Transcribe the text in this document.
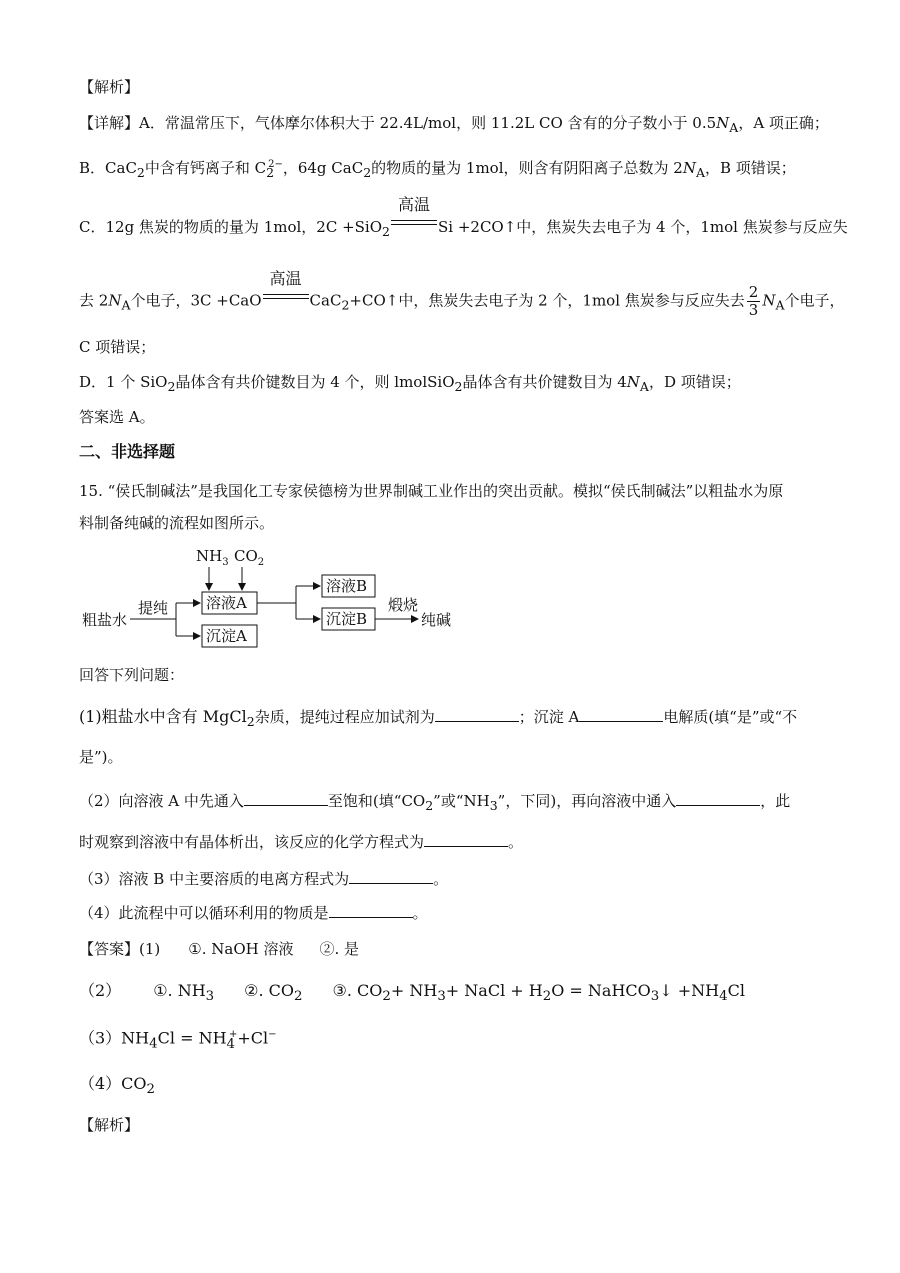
【解析】
【详解】A．常温常压下，气体摩尔体积大于 22.4L/mol，则 11.2L CO 含有的分子数小于 $0.5N_A$，A 项正确；
B．CaC$_2$中含有钙离子和 $C_2^{2-}$，64g CaC$_2$的物质的量为 1mol，则含有阴阳离子总数为 $2N_A$，B 项错误；
C．12g 焦炭的物质的量为 1mol，2C +SiO$_2$
高温
Si +2CO↑中，焦炭失去电子为 4 个，1mol 焦炭参与反应失
去 $2N_A$个电子，3C +CaO
高温
CaC$_2$+CO↑中，焦炭失去电子为 2 个，1mol 焦炭参与反应失去 $\frac{2}{3} N_A$个电子，
C 项错误；
D．1 个 SiO$_2$晶体含有共价键数目为 4 个，则 lmolSiO$_2$晶体含有共价键数目为 $4N_A$，D 项错误；
答案选 A。
二、非选择题
15. “侯氏制碱法”是我国化工专家侯德榜为世界制碱工业作出的突出贡献。模拟“侯氏制碱法”以粗盐水为原
料制备纯碱的流程如图所示。
$NH_3$ $CO_2$
粗盐水
提纯	溶液A
沉淀A
溶液B
沉淀B
煅烧
纯碱
回答下列问题：
(1)粗盐水中含有 MgCl$_2$杂质，提纯过程应加试剂为	；沉淀 A	电解质(填“是”或“不
是”)。
（2）向溶液 A 中先通入	至饱和(填“$CO_2$”或“$NH_3$”，下同)，再向溶液中通入	，此
时观察到溶液中有晶体析出，该反应的化学方程式为	。
（3）溶液 B 中主要溶质的电离方程式为	。
（4）此流程中可以循环利用的物质是	。
【答案】(1) ①. NaOH 溶液 ②. 是
（2） ①. $NH_3$ ②. $CO_2$ ③. $CO_2+ NH_3+$ NaCl + $H_2O$ = NaHCO$_3$↓ $+NH_4Cl$
$(3)NH_4Cl = NH_4^++Cl^-$
$(4)CO_2$
【解析】
